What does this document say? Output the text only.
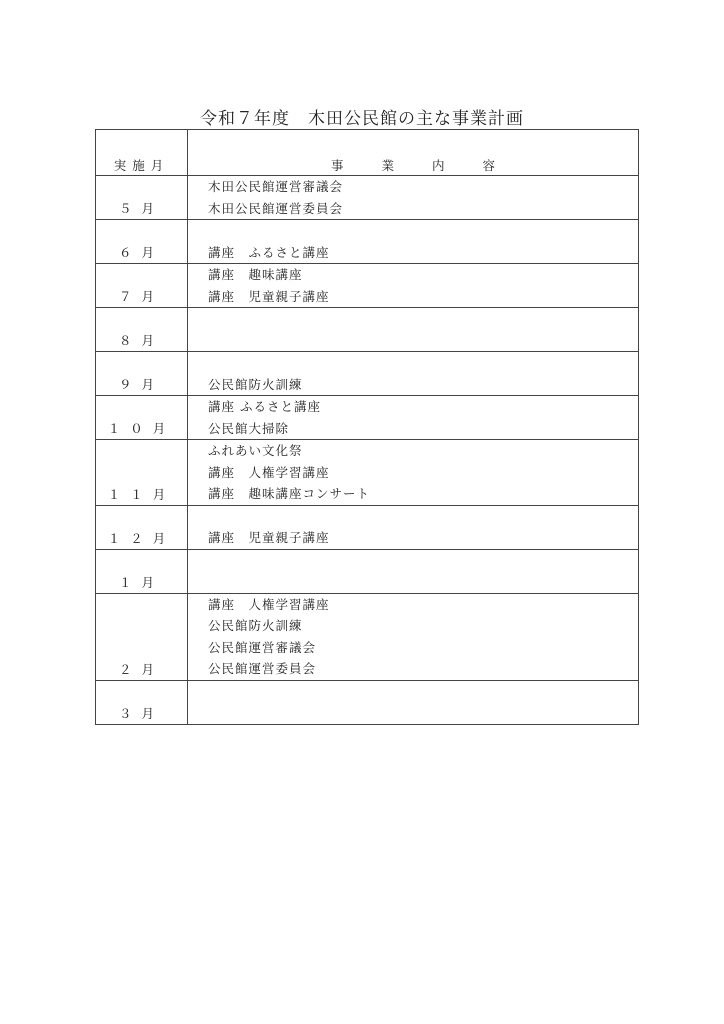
令和７年度　木田公民館の主な事業計画
実施月	事業内容
５月	木田公民館運営審議会
木田公民館運営委員会

６月	講座　ふるさと講座

７月	講座　趣味講座
講座　児童親子講座

８月	

９月	公民館防火訓練

１０月	講座 ふるさと講座
公民館大掃除

１１月	ふれあい文化祭
講座　人権学習講座
講座　趣味講座コンサート

１２月	講座　児童親子講座

１月	

２月	講座　人権学習講座
公民館防火訓練
公民館運営審議会
公民館運営委員会

３月	
